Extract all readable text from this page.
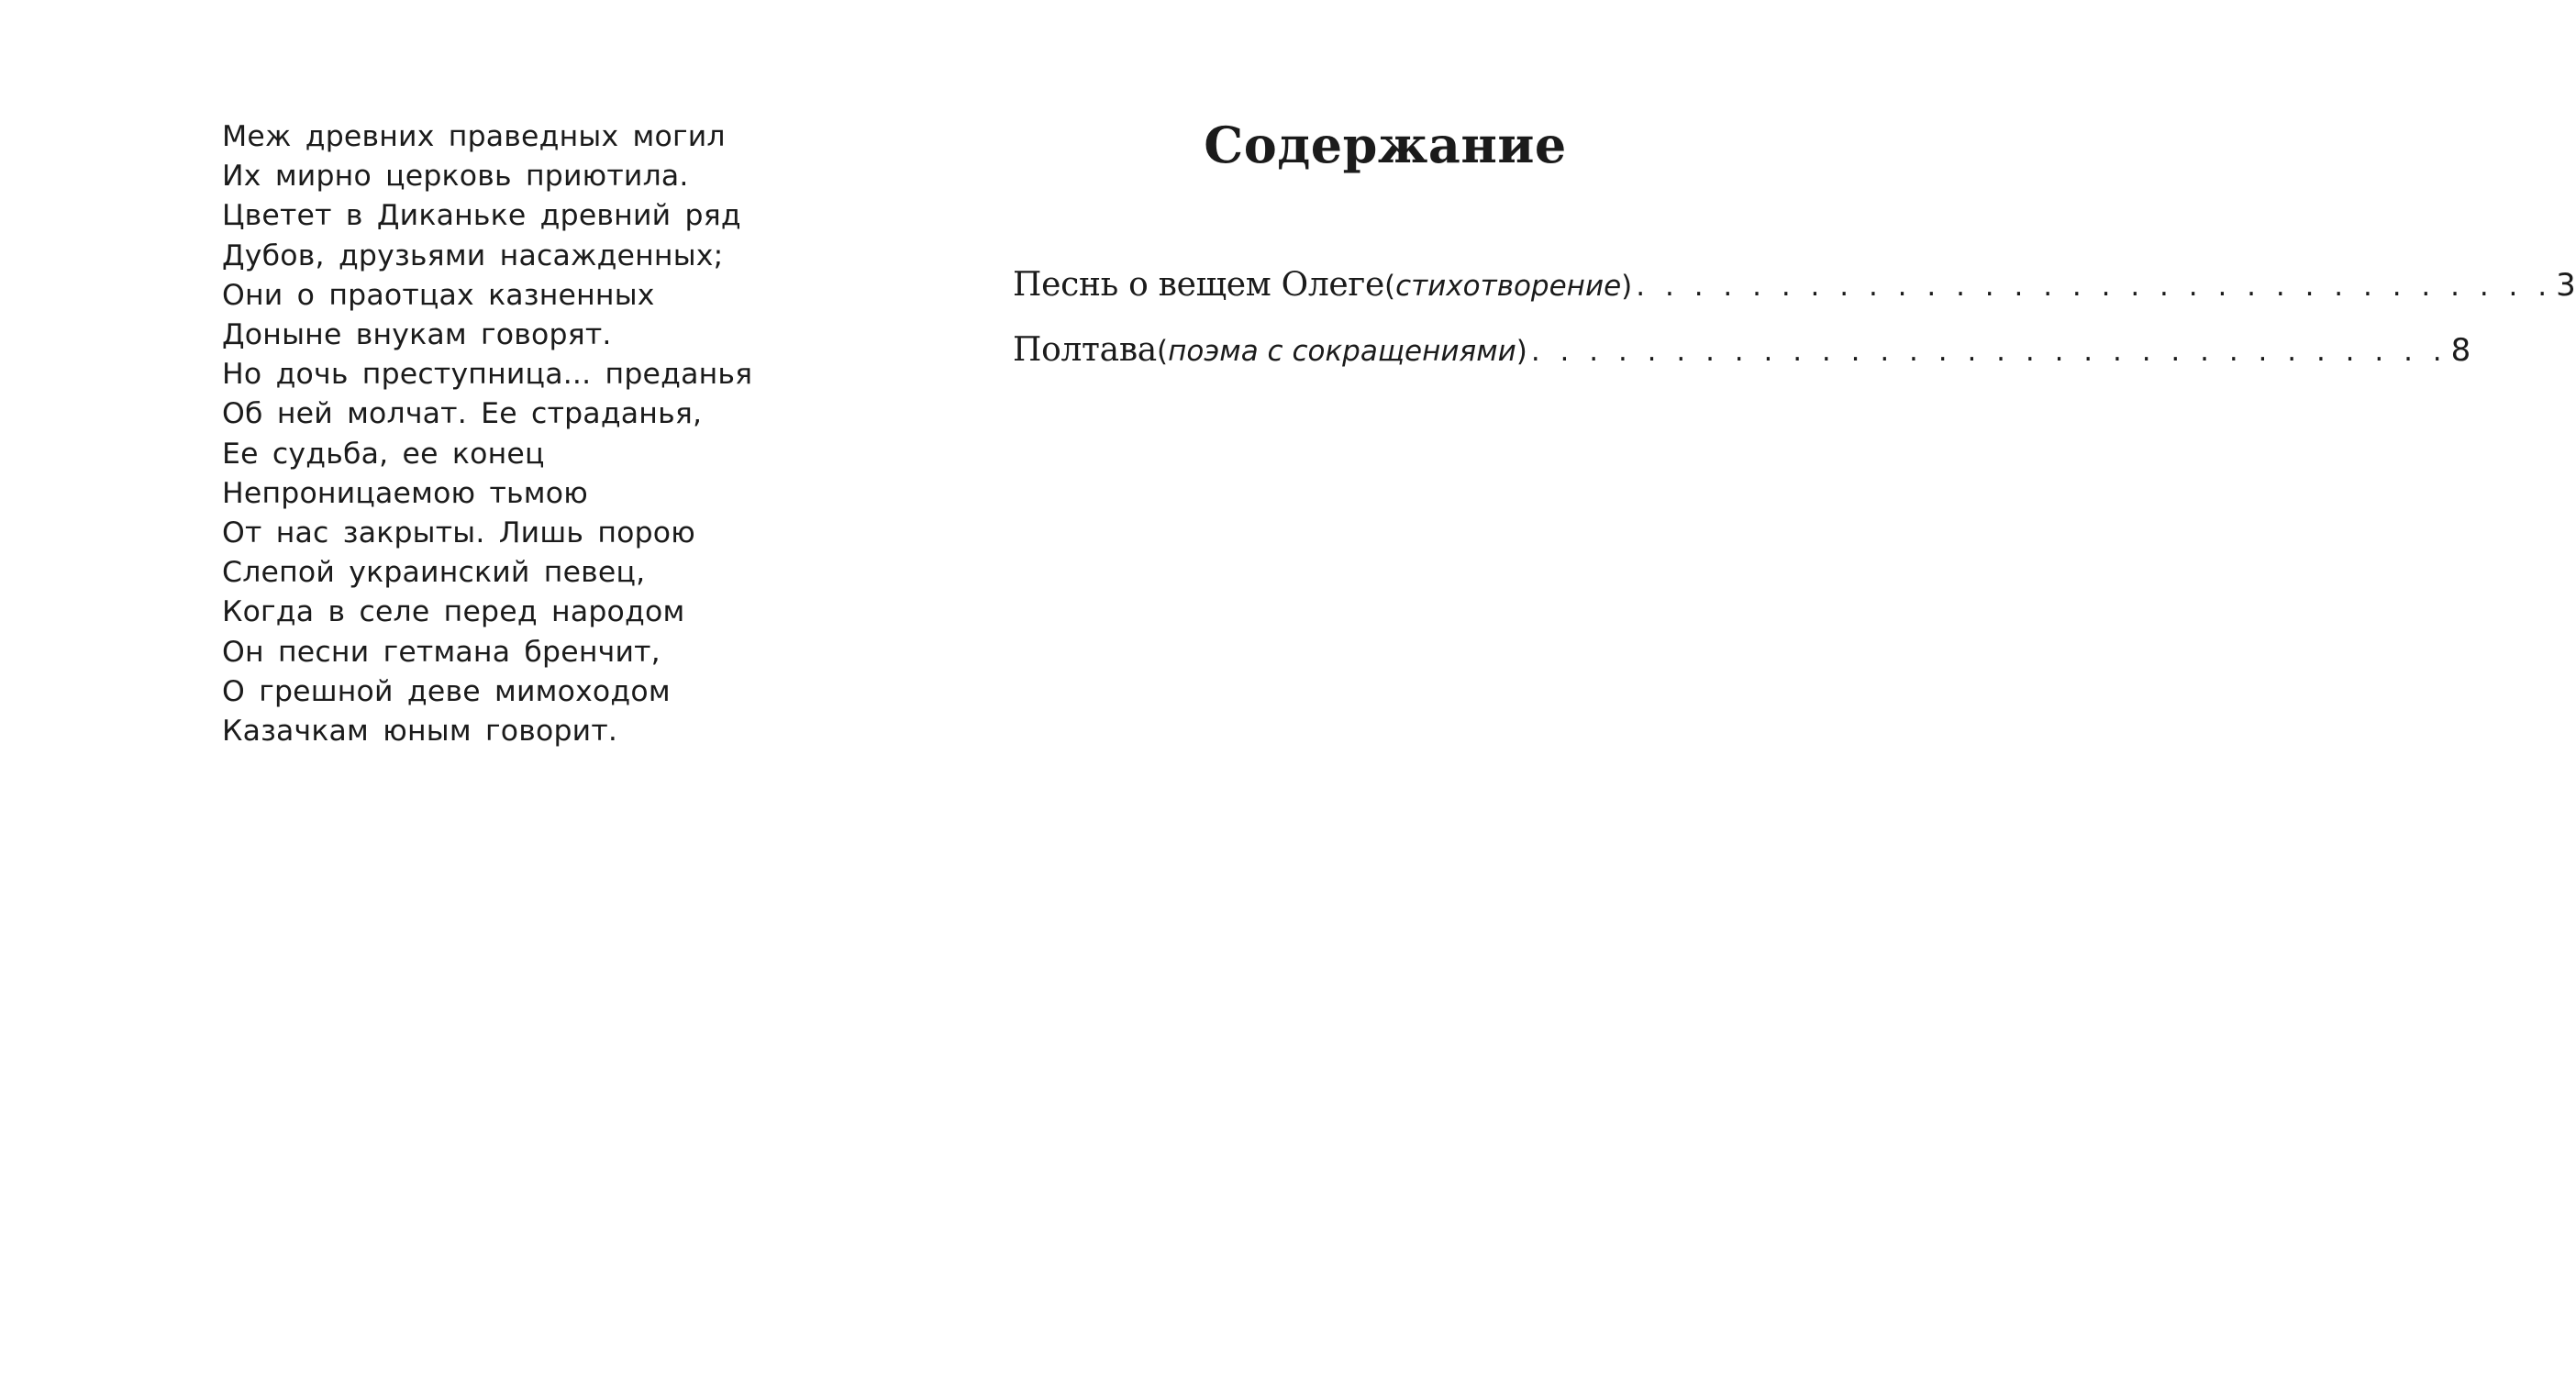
Меж древних праведных могил
Их мирно церковь приютила.
Цветет в Диканьке древний ряд
Дубов, друзьями насажденных;
Они о праотцах казненных
Доныне внукам говорят.
Но дочь преступница... преданья
Об ней молчат. Ее страданья,
Ее судьба, ее конец
Непроницаемою тьмою
От нас закрыты. Лишь порою
Слепой украинский певец,
Когда в селе перед народом
Он песни гетмана бренчит,
О грешной деве мимоходом
Казачкам юным говорит.
Содержание
Песнь о вещем Олеге ( стихотворение ) . . . . . . . . . . . . . . . . . . . . . . . . . . . . . . . . 3
Полтава ( поэма с сокращениями ) . . . . . . . . . . . . . . . . . . . . . . . . . . . . . . . . 8
